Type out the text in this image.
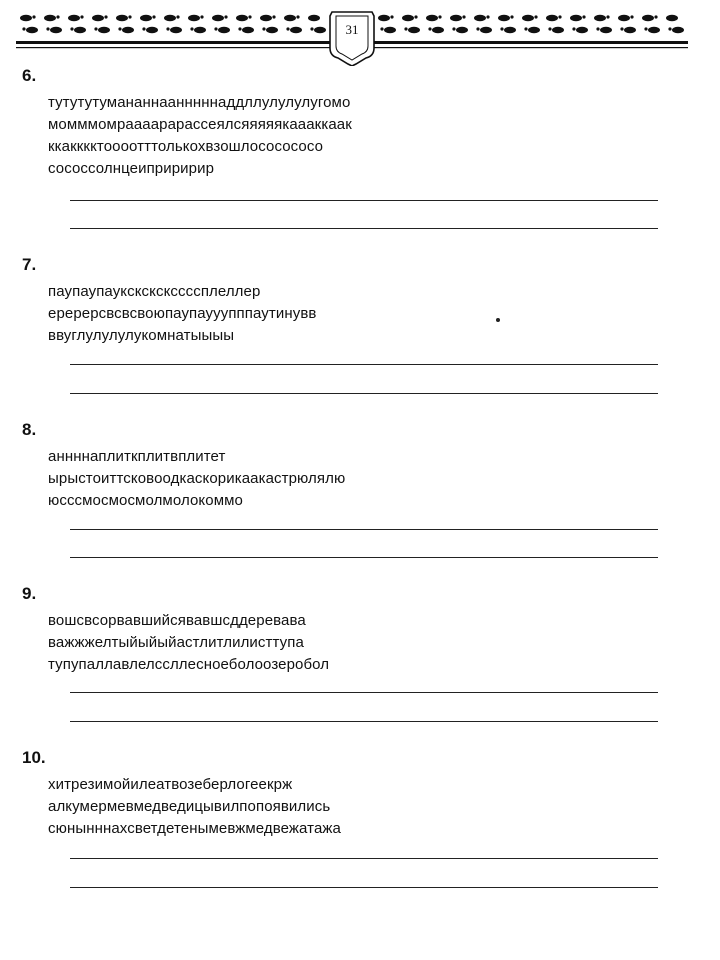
31
6.
тутутутумананнаанннннаддллулулулугомо
момммомраааарарассеялсяяяяякаааккаак
ккакккктоооотттолькохвзошлососососо
сососсолнцеиприририр
7.
паупаупаукскскскссссплеллер
еререрсвсвсвоюпаупаууупппаутинувв
ввуглулулулукомнатыыыы
8.
аннннаплиткплитвплитет
ырыстоиттсковоодкаскорикаакастрюлялю
юсссмосмосмолмолокоммо
9.
вошсвсорвавшийсявавшсддеревава
важжжелтыйыйыйастлитлилисттупа
тупупаллавлелсcллесноеболоозеробол
10.
хитрезимойилеатвозеберлогеекрж
алкумермевмедведицывилпопоявились
сюнынннахсветдетенымевжмедвежатажа
